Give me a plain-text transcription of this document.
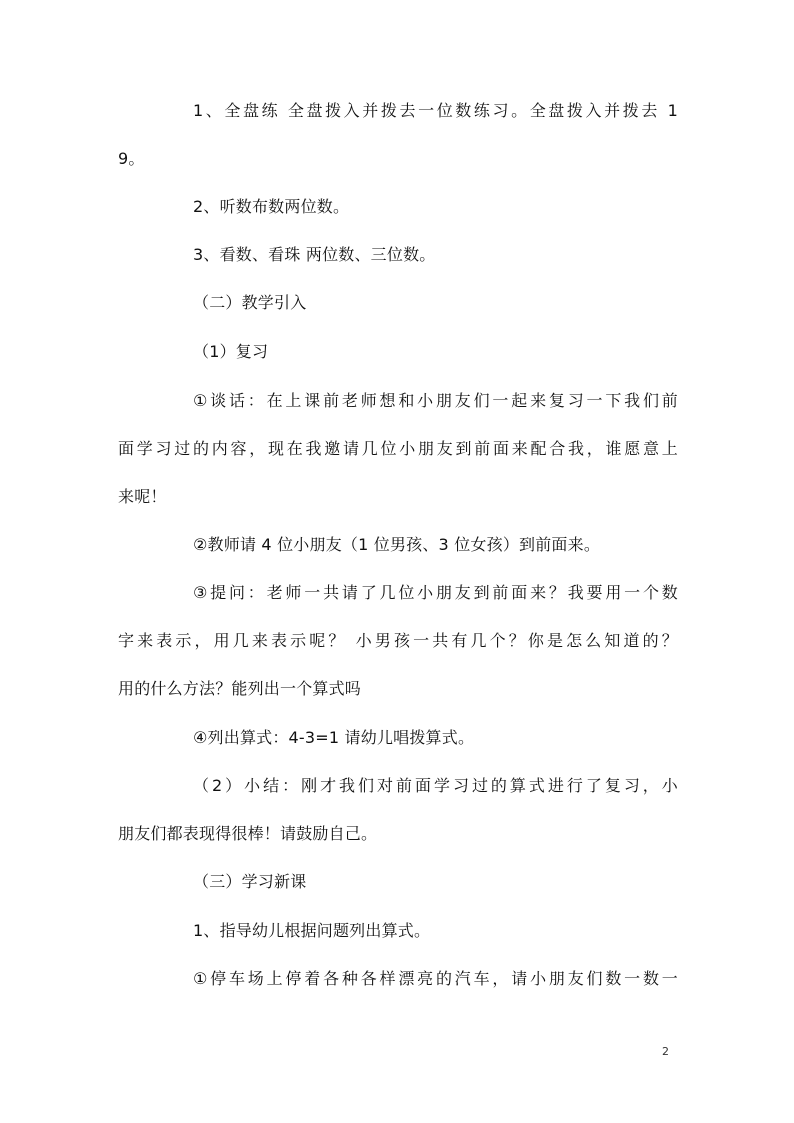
1、全盘练 全盘拨入并拨去一位数练习。全盘拨入并拨去 1
9。
2、听数布数两位数。
3、看数、看珠 两位数、三位数。
（二）教学引入
（1）复习
①谈话：在上课前老师想和小朋友们一起来复习一下我们前
面学习过的内容，现在我邀请几位小朋友到前面来配合我，谁愿意上
来呢！
②教师请 4 位小朋友（1 位男孩、3 位女孩）到前面来。
③提问：老师一共请了几位小朋友到前面来？我要用一个数
字来表示，用几来表示呢？ 小男孩一共有几个？你是怎么知道的？
用的什么方法？能列出一个算式吗
④列出算式：4-3=1 请幼儿唱拨算式。
（2）小结：刚才我们对前面学习过的算式进行了复习，小
朋友们都表现得很棒！请鼓励自己。
（三）学习新课
1、指导幼儿根据问题列出算式。
①停车场上停着各种各样漂亮的汽车，请小朋友们数一数一
2
